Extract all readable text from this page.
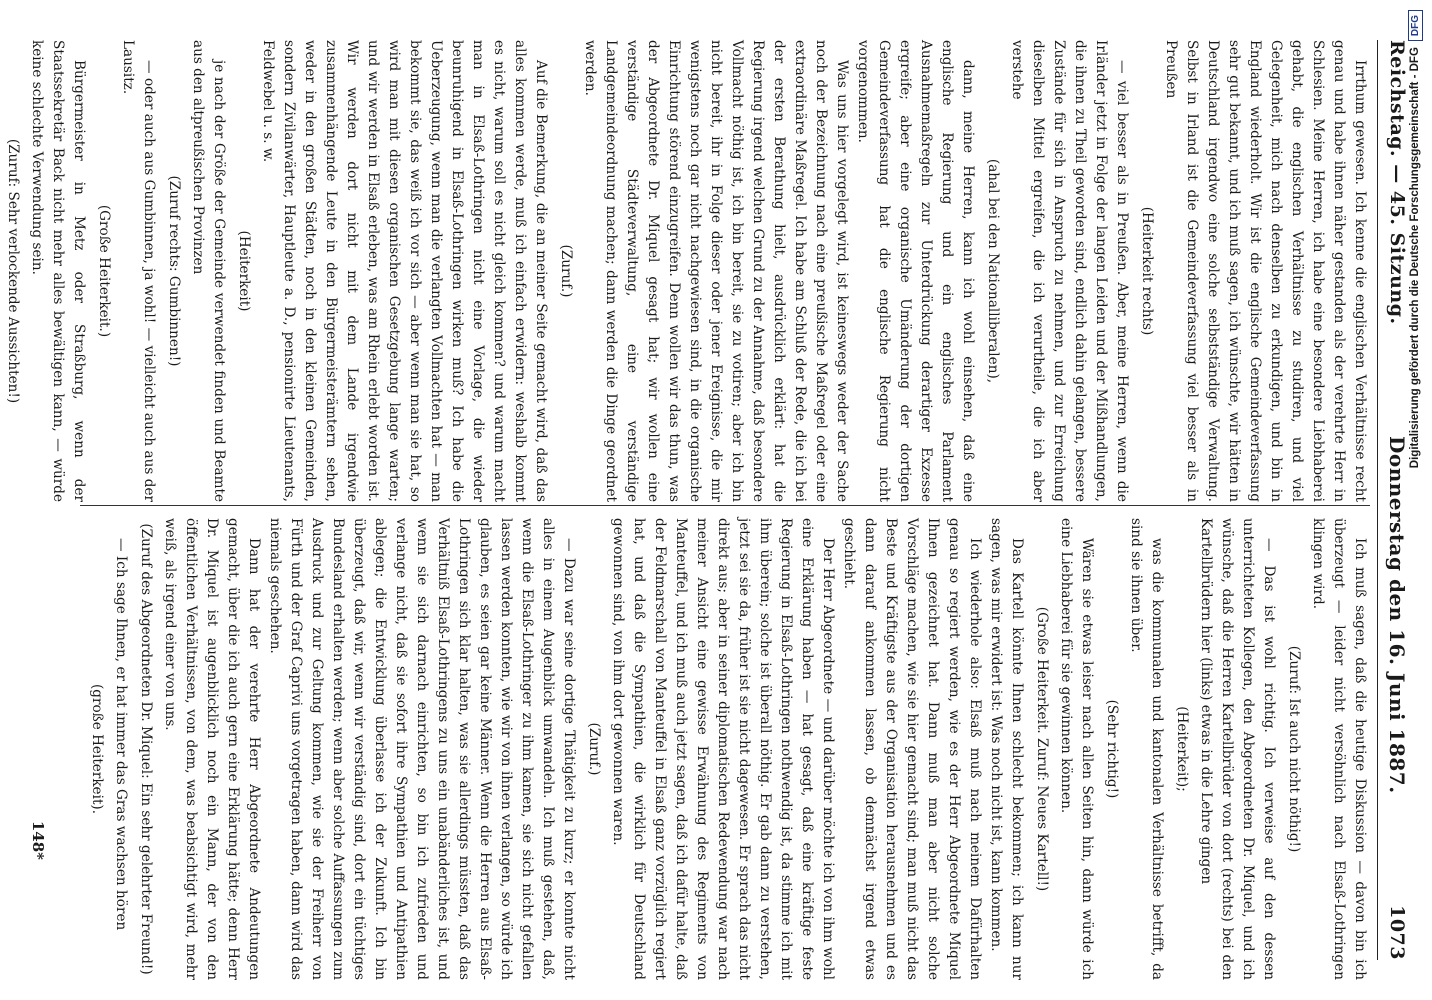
Reichstag. — 45. Sitzung.
Donnerstag den 16. Juni 1887.
1073

Irrthum gewesen. Ich kenne die englischen Verhältnisse recht genau und habe ihnen näher gestanden als der verehrte Herr in Schlesien. Meine Herren, ich habe eine besondere Liebhaberei gehabt, die englischen Verhältnisse zu studiren, und viel Gelegenheit, mich nach denselben zu erkundigen, und bin in England wiederholt. Wir ist die englische Gemeindeverfassung sehr gut bekannt, und ich muß sagen, ich wünschte, wir hätten in Deutschland irgendwo eine solche selbstständige Verwaltung. Selbst in Irland ist die Gemeindeverfassung viel besser als in Preußen

(Heiterkeit rechts)

— viel besser als in Preußen. Aber, meine Herren, wenn die Irländer jetzt in Folge der langen Leiden und der Mißhandlungen, die ihnen zu Theil geworden sind, endlich dahin gelangen, bessere Zustände für sich in Anspruch zu nehmen, und zur Erreichung dieselben Mittel ergreifen, die ich verurtheile, die ich aber verstehe

(ahal bei den Nationalliberalen),

dann, meine Herren, kann ich wohl einsehen, daß eine englische Regierung und ein englisches Parlament Ausnahmemaßregeln zur Unterdrückung derartiger Exzesse ergreife; aber eine organische Umänderung der dortigen Gemeindeverfassung hat die englische Regierung nicht vorgenommen.

Was uns hier vorgelegt wird, ist keineswegs weder der Sache noch der Bezeichnung nach eine preußische Maßregel oder eine extraordinäre Maßregel. Ich habe am Schluß der Rede, die ich bei der ersten Berathung hielt, ausdrücklich erklärt: hat die Regierung irgend welchen Grund zu der Annahme, daß besondere Vollmacht nöthig ist, ich bin bereit, sie zu votiren; aber ich bin nicht bereit, ihr in Folge dieser oder jener Ereignisse, die mir wenigstens noch gar nicht nachgewiesen sind, in die organische Einrichtung störend einzugreifen. Denn wollen wir das thun, was der Abgeordnete Dr. Miquel gesagt hat; wir wollen eine verständige Städteverwaltung, eine verständige Landgemeindeordnung machen; dann werden die Dinge geordnet werden.

(Zuruf.)

Auf die Bemerkung, die an meiner Seite gemacht wird, daß das alles kommen werde, muß ich einfach erwidern: weshalb kommt es nicht, warum soll es nicht gleich kommen? und warum macht man in Elsaß-Lothringen nicht eine Vorlage, die wieder beunruhigend in Elsaß-Lothringen wirken muß? Ich habe die Ueberzeugung, wenn man die verlangten Vollmachten hat — man bekommt sie, das weiß ich vor sich — aber wenn man sie hat, so wird man mit diesen organischen Gesetzgebung lange warten; und wir werden in Elsaß erleben, was am Rhein erlebt worden ist. Wir werden dort nicht mit dem Lande irgendwie zusammenhängende Leute in den Bürgermeisterämtern sehen, weder in den großen Städten, noch in den kleinen Gemeinden, sondern Zivilanwärter, Hauptleute a. D., pensionirte Lieutenants, Feldwebel u. s. w.

(Heiterkeit)

je nach der Größe der Gemeinde verwendet finden und Beamte aus den altpreußischen Provinzen

(Zuruf rechts: Gumbinnen!)

— oder auch aus Gumbinnen, ja wohl! — vielleicht auch aus der Lausitz.

(Große Heiterkeit.)

Bürgermeister in Metz oder Straßburg, wenn der Staatssekretär Back nicht mehr alles bewältigen kann, — würde keine schlechte Verwendung sein.

(Zuruf: Sehr verlockende Aussichten!)

Ich muß sagen, daß die heutige Diskussion — davon bin ich überzeugt — leider nicht versöhnlich nach Elsaß-Lothringen klingen wird.

(Zuruf: Ist auch nicht nöthig!)

— Das ist wohl richtig. Ich verweise auf den dessen unterrichteten Kollegen, den Abgeordneten Dr. Miquel, und ich wünsche, daß die Herren Kartellbrüder von dort (rechts) bei den Kartellbrüdern hier (links) etwas in die Lehre gingen

(Heiterkeit);

was die kommunalen und kantonalen Verhältnisse betrifft, da sind sie ihnen über.

(Sehr richtig!)

Wären sie etwas leiser nach allen Seiten hin, dann würde ich eine Liebhaberei für sie gewinnen können.

(Große Heiterkeit. Zuruf: Neues Kartell!)

Das Kartell könnte Ihnen schlecht bekommen; ich kann nur sagen, was mir erwidert ist: Was noch nicht ist, kann kommen.

Ich wiederhole also: Elsaß muß nach meinem Dafürhalten genau so regiert werden, wie es der Herr Abgeordnete Miquel Ihnen gezeichnet hat. Dann muß man aber nicht solche Vorschläge machen, wie sie hier gemacht sind; man muß nicht das Beste und Kräftigste aus der Organisation herausnehmen und es dann darauf ankommen lassen, ob demnächst irgend etwas geschieht.

Der Herr Abgeordnete — und darüber möchte ich von ihm wohl eine Erklärung haben — hat gesagt, daß eine kräftige feste Regierung in Elsaß-Lothringen nothwendig ist, da stimme ich mit ihm überein; solche ist überall nöthig. Er gab dann zu verstehen, jetzt sei sie da, früher ist sie nicht dagewesen. Er sprach das nicht direkt aus; aber in seiner diplomatischen Redewendung war nach meiner Ansicht eine gewisse Erwähnung des Regiments von Manteuffel, und ich muß auch jetzt sagen, daß ich dafür halte, daß der Feldmarschall von Manteuffel in Elsaß ganz vorzüglich regiert hat, und daß die Sympathien, die wirklich für Deutschland gewonnen sind, von ihm dort gewonnen waren.

(Zuruf.)

— Dazu war seine dortige Thätigkeit zu kurz; er konnte nicht alles in einem Augenblick umwandeln. Ich muß gestehen, daß, wenn die Elsaß-Lothringer zu ihm kamen, sie sich nicht gefallen lassen werden konnten, wie wir von ihnen verlangen, so würde ich glauben, es seien gar keine Männer. Wenn die Herren aus Elsaß-Lothringen sich klar halten, was sie allerdings müssten, daß das Verhältniß Elsaß-Lothringens zu uns ein unabänderliches ist, und wenn sie sich darnach einrichten, so bin ich zufrieden und verlange nicht, daß sie sofort ihre Sympathien und Antipathien ablegen; die Entwicklung überlasse ich der Zukunft. Ich bin überzeugt, daß wir, wenn wir verständig sind, dort ein tüchtiges Bundesland erhalten werden; wenn aber solche Auffassungen zum Ausdruck und zur Geltung kommen, wie sie der Freiherr von Fürth und der Graf Caprivi uns vorgetragen haben, dann wird das niemals geschehen.

Dann hat der verehrte Herr Abgeordnete Andeutungen gemacht, über die ich auch gern eine Erklärung hätte; denn Herr Dr. Miquel ist augenblicklich noch ein Mann, der von den öffentlichen Verhältnissen, von dem, was beabsichtigt wird, mehr weiß, als irgend einer von uns.

(Zuruf des Abgeordneten Dr. Miquel: Ein sehr gelehrter Freund!)

— Ich sage Ihnen, er hat immer das Gras wachsen hören

(große Heiterkeit).

148*
Digitalisierung gefördert durch die Deutsche Forschungsgemeinschaft - DFG
DFG
